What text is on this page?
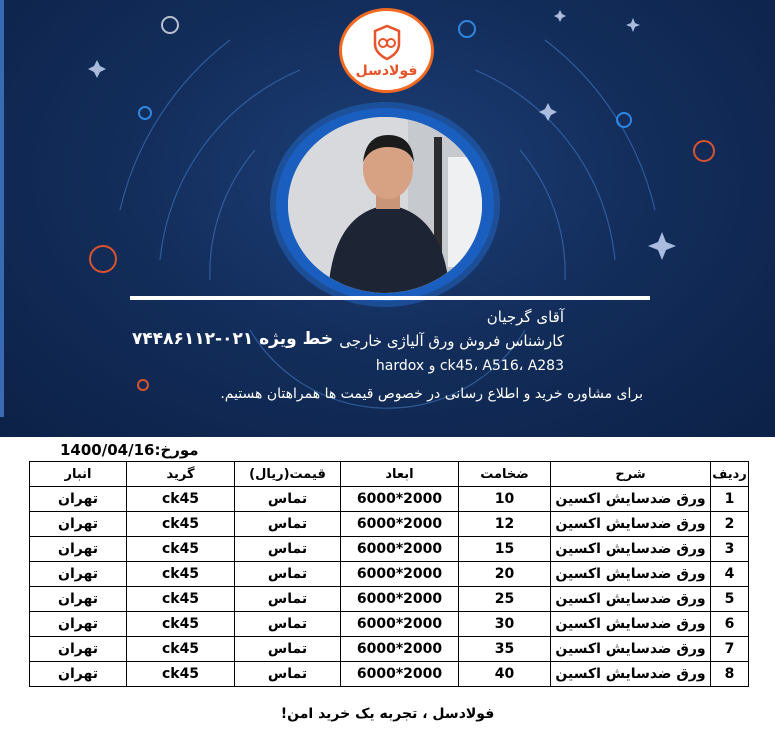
فولادسل
آقای گرجیان
کارشناس فروش ورق آلیاژی خارجی
ck45، A516، A283 و hardox
خط ویژه ۰۲۱-۷۴۴۸۶۱۱۲
برای مشاوره خرید و اطلاع رسانی در خصوص قیمت ها همراهتان هستیم.
مورخ:1400/04/16
ردیف	شرح	ضخامت	ابعاد	قیمت(ریال)	گرید	انبار
1	ورق ضدسایش اکسین	10	2000*6000	تماس	ck45	تهران
2	ورق ضدسایش اکسین	12	2000*6000	تماس	ck45	تهران
3	ورق ضدسایش اکسین	15	2000*6000	تماس	ck45	تهران
4	ورق ضدسایش اکسین	20	2000*6000	تماس	ck45	تهران
5	ورق ضدسایش اکسین	25	2000*6000	تماس	ck45	تهران
6	ورق ضدسایش اکسین	30	2000*6000	تماس	ck45	تهران
7	ورق ضدسایش اکسین	35	2000*6000	تماس	ck45	تهران
8	ورق ضدسایش اکسین	40	2000*6000	تماس	ck45	تهران
فولادسل ، تجربه یک خرید امن!
